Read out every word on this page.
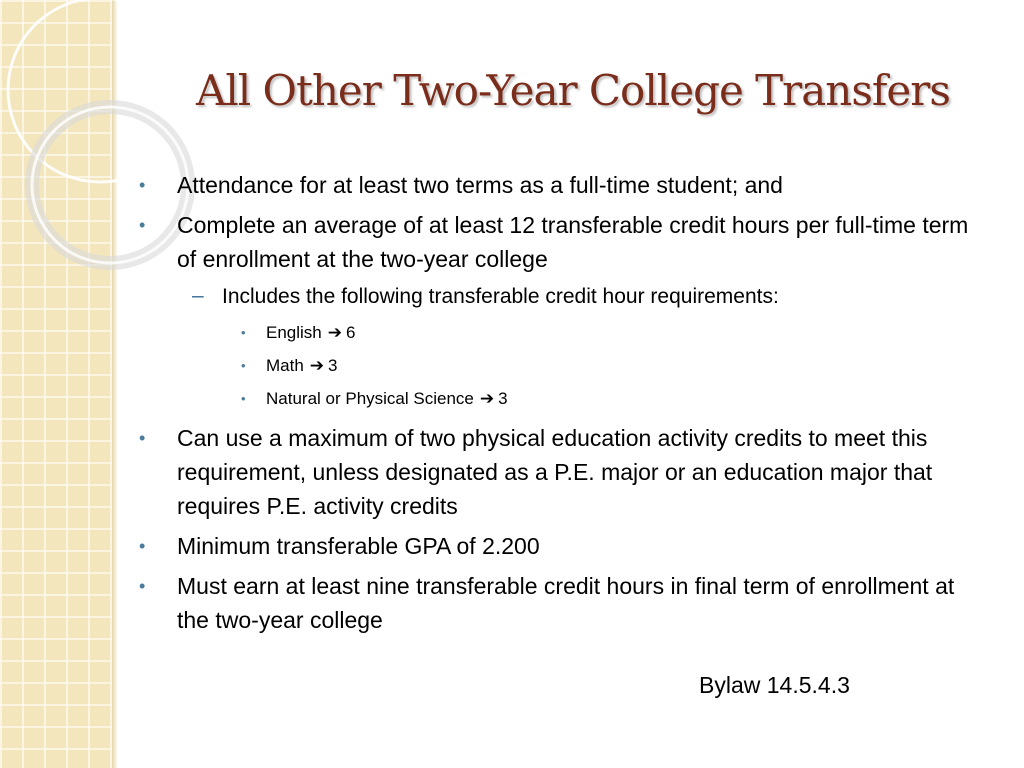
All Other Two-Year College Transfers
• Attendance for at least two terms as a full-time student; and
• Complete an average of at least 12 transferable credit hours per full-time term of enrollment at the two-year college
– Includes the following transferable credit hour requirements:
• English ➔ 6
• Math ➔ 3
• Natural or Physical Science ➔ 3
• Can use a maximum of two physical education activity credits to meet this requirement, unless designated as a P.E. major or an education major that requires P.E. activity credits
• Minimum transferable GPA of 2.200
• Must earn at least nine transferable credit hours in final term of enrollment at the two-year college
Bylaw 14.5.4.3
